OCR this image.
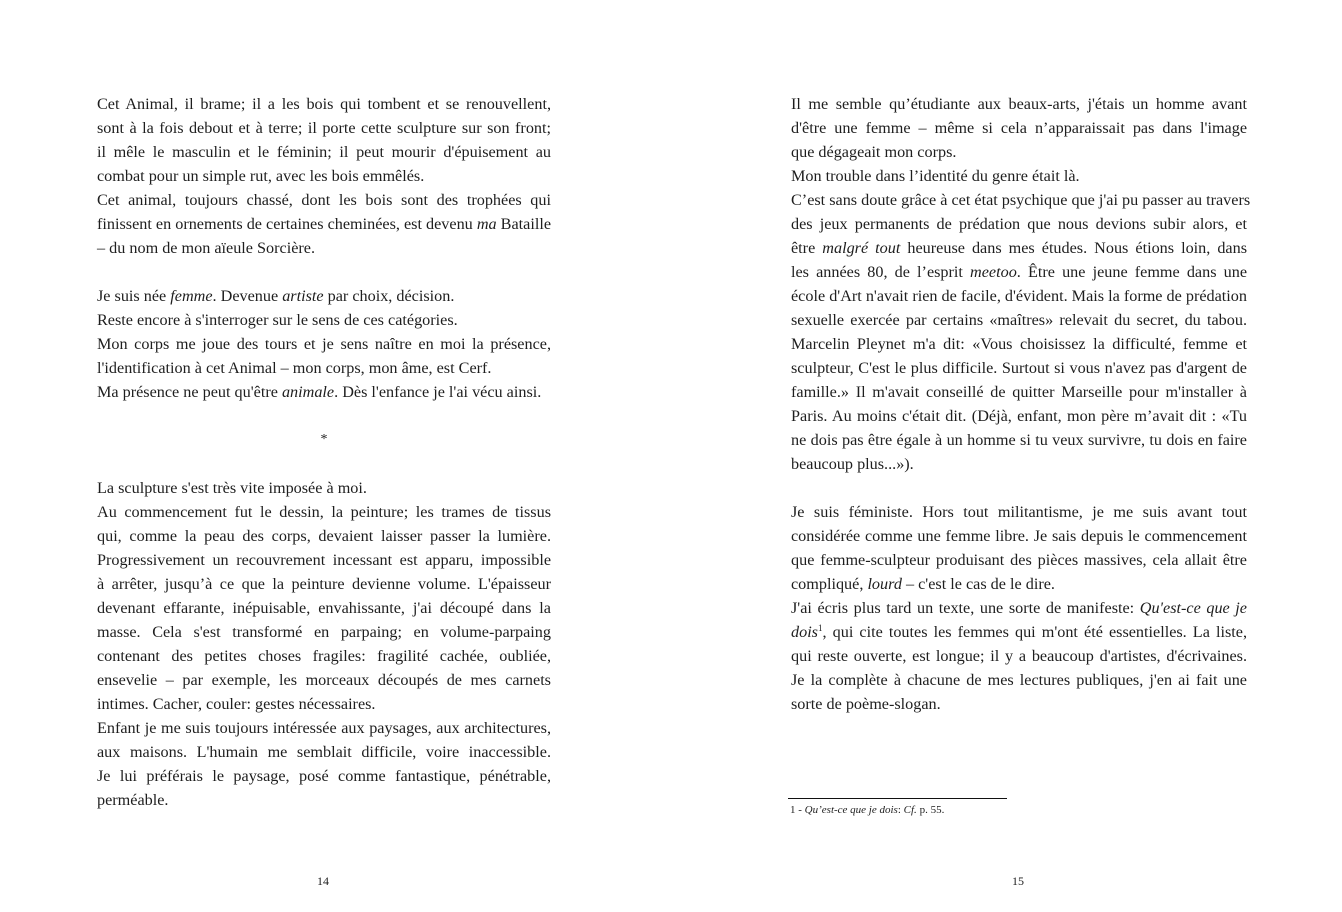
Cet Animal, il brame; il a les bois qui tombent et se renouvellent,
sont à la fois debout et à terre; il porte cette sculpture sur son front;
il mêle le masculin et le féminin; il peut mourir d'épuisement au
combat pour un simple rut, avec les bois emmêlés.
Cet animal, toujours chassé, dont les bois sont des trophées qui
finissent en ornements de certaines cheminées, est devenu ma Bataille
– du nom de mon aïeule Sorcière.
Je suis née femme. Devenue artiste par choix, décision.
Reste encore à s'interroger sur le sens de ces catégories.
Mon corps me joue des tours et je sens naître en moi la présence,
l'identification à cet Animal – mon corps, mon âme, est Cerf.
Ma présence ne peut qu'être animale. Dès l'enfance je l'ai vécu ainsi.
*
La sculpture s'est très vite imposée à moi.
Au commencement fut le dessin, la peinture; les trames de tissus
qui, comme la peau des corps, devaient laisser passer la lumière.
Progressivement un recouvrement incessant est apparu, impossible
à arrêter, jusqu’à ce que la peinture devienne volume. L'épaisseur
devenant effarante, inépuisable, envahissante, j'ai découpé dans la
masse. Cela s'est transformé en parpaing; en volume-parpaing
contenant des petites choses fragiles: fragilité cachée, oubliée,
ensevelie – par exemple, les morceaux découpés de mes carnets
intimes. Cacher, couler: gestes nécessaires.
Enfant je me suis toujours intéressée aux paysages, aux architectures,
aux maisons. L'humain me semblait difficile, voire inaccessible.
Je lui préférais le paysage, posé comme fantastique, pénétrable,
perméable.
14
Il me semble qu’étudiante aux beaux-arts, j'étais un homme avant
d'être une femme – même si cela n’apparaissait pas dans l'image
que dégageait mon corps.
Mon trouble dans l’identité du genre était là.
C’est sans doute grâce à cet état psychique que j'ai pu passer au travers
des jeux permanents de prédation que nous devions subir alors, et
être malgré tout heureuse dans mes études. Nous étions loin, dans
les années 80, de l’esprit meetoo. Être une jeune femme dans une
école d'Art n'avait rien de facile, d'évident. Mais la forme de prédation
sexuelle exercée par certains «maîtres» relevait du secret, du tabou.
Marcelin Pleynet m'a dit: «Vous choisissez la difficulté, femme et
sculpteur, C'est le plus difficile. Surtout si vous n'avez pas d'argent de
famille.» Il m'avait conseillé de quitter Marseille pour m'installer à
Paris. Au moins c'était dit. (Déjà, enfant, mon père m’avait dit : «Tu
ne dois pas être égale à un homme si tu veux survivre, tu dois en faire
beaucoup plus...»).
Je suis féministe. Hors tout militantisme, je me suis avant tout
considérée comme une femme libre. Je sais depuis le commencement
que femme-sculpteur produisant des pièces massives, cela allait être
compliqué, lourd – c'est le cas de le dire.
J'ai écris plus tard un texte, une sorte de manifeste: Qu'est-ce que je
dois$^1$, qui cite toutes les femmes qui m'ont été essentielles. La liste,
qui reste ouverte, est longue; il y a beaucoup d'artistes, d'écrivaines.
Je la complète à chacune de mes lectures publiques, j'en ai fait une
sorte de poème-slogan.
1 - Qu’est-ce que je dois: Cf. p. 55.
15
